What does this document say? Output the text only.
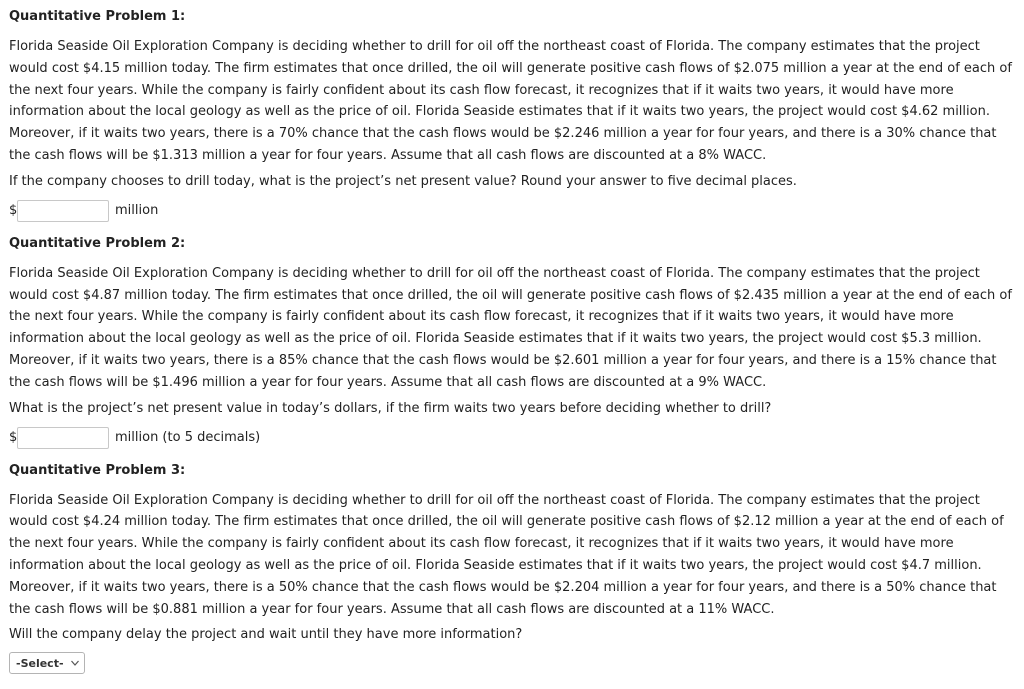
Quantitative Problem 1:
Florida Seaside Oil Exploration Company is deciding whether to drill for oil off the northeast coast of Florida. The company estimates that the project would cost $4.15 million today. The firm estimates that once drilled, the oil will generate positive cash flows of $2.075 million a year at the end of each of the next four years. While the company is fairly confident about its cash flow forecast, it recognizes that if it waits two years, it would have more information about the local geology as well as the price of oil. Florida Seaside estimates that if it waits two years, the project would cost $4.62 million. Moreover, if it waits two years, there is a 70% chance that the cash flows would be $2.246 million a year for four years, and there is a 30% chance that the cash flows will be $1.313 million a year for four years. Assume that all cash flows are discounted at a 8% WACC.
If the company chooses to drill today, what is the project’s net present value? Round your answer to five decimal places.
$	million
Quantitative Problem 2:
Florida Seaside Oil Exploration Company is deciding whether to drill for oil off the northeast coast of Florida. The company estimates that the project would cost $4.87 million today. The firm estimates that once drilled, the oil will generate positive cash flows of $2.435 million a year at the end of each of the next four years. While the company is fairly confident about its cash flow forecast, it recognizes that if it waits two years, it would have more information about the local geology as well as the price of oil. Florida Seaside estimates that if it waits two years, the project would cost $5.3 million. Moreover, if it waits two years, there is a 85% chance that the cash flows would be $2.601 million a year for four years, and there is a 15% chance that the cash flows will be $1.496 million a year for four years. Assume that all cash flows are discounted at a 9% WACC.
What is the project’s net present value in today’s dollars, if the firm waits two years before deciding whether to drill?
$	million (to 5 decimals)
Quantitative Problem 3:
Florida Seaside Oil Exploration Company is deciding whether to drill for oil off the northeast coast of Florida. The company estimates that the project would cost $4.24 million today. The firm estimates that once drilled, the oil will generate positive cash flows of $2.12 million a year at the end of each of the next four years. While the company is fairly confident about its cash flow forecast, it recognizes that if it waits two years, it would have more information about the local geology as well as the price of oil. Florida Seaside estimates that if it waits two years, the project would cost $4.7 million. Moreover, if it waits two years, there is a 50% chance that the cash flows would be $2.204 million a year for four years, and there is a 50% chance that the cash flows will be $0.881 million a year for four years. Assume that all cash flows are discounted at a 11% WACC.
Will the company delay the project and wait until they have more information?
-Select-
